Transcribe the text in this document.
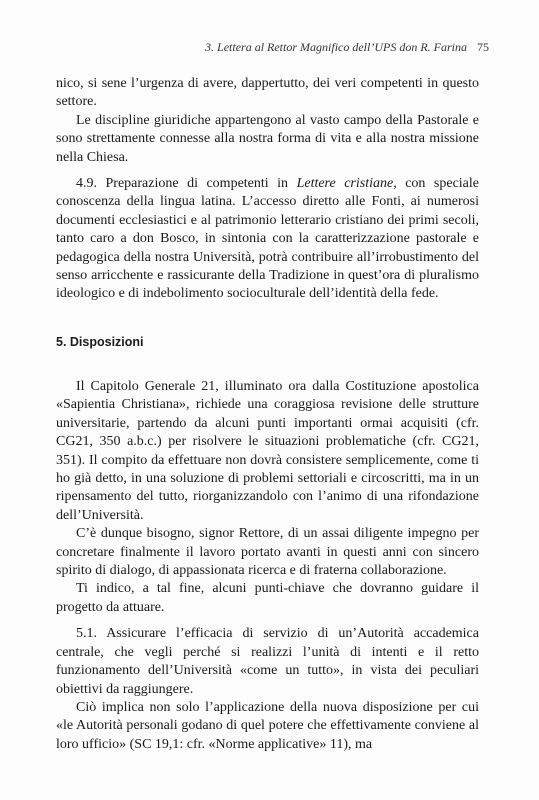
3. Lettera al Rettor Magnifico dell’UPS don R. Farina 75

nico, si sene l’urgenza di avere, dappertutto, dei veri competenti in questo settore.

Le discipline giuridiche appartengono al vasto campo della Pastorale e sono strettamente connesse alla nostra forma di vita e alla nostra missione nella Chiesa.

4.9. Preparazione di competenti in Lettere cristiane, con speciale conoscenza della lingua latina. L’accesso diretto alle Fonti, ai numerosi documenti ecclesiastici e al patrimonio letterario cristiano dei primi secoli, tanto caro a don Bosco, in sintonia con la caratterizzazione pastorale e pedagogica della nostra Università, potrà contribuire all’irrobustimento del senso arricchente e rassicurante della Tradizione in quest’ora di pluralismo ideologico e di indebolimento socioculturale dell’identità della fede.

5. Disposizioni

Il Capitolo Generale 21, illuminato ora dalla Costituzione apostolica «Sapientia Christiana», richiede una coraggiosa revisione delle strutture universitarie, partendo da alcuni punti importanti ormai acquisiti (cfr. CG21, 350 a.b.c.) per risolvere le situazioni problematiche (cfr. CG21, 351). Il compito da effettuare non dovrà consistere semplicemente, come ti ho già detto, in una soluzione di problemi settoriali e circoscritti, ma in un ripensamento del tutto, riorganizzandolo con l’animo di una rifondazione dell’Università.

C’è dunque bisogno, signor Rettore, di un assai diligente impegno per concretare finalmente il lavoro portato avanti in questi anni con sincero spirito di dialogo, di appassionata ricerca e di fraterna collaborazione.

Ti indico, a tal fine, alcuni punti-chiave che dovranno guidare il progetto da attuare.

5.1. Assicurare l’efficacia di servizio di un’Autorità accademica centrale, che vegli perché si realizzi l’unità di intenti e il retto funzionamento dell’Università «come un tutto», in vista dei peculiari obiettivi da raggiungere.

Ciò implica non solo l’applicazione della nuova disposizione per cui «le Autorità personali godano di quel potere che effettivamente conviene al loro ufficio» (SC 19,1: cfr. «Norme applicative» 11), ma
